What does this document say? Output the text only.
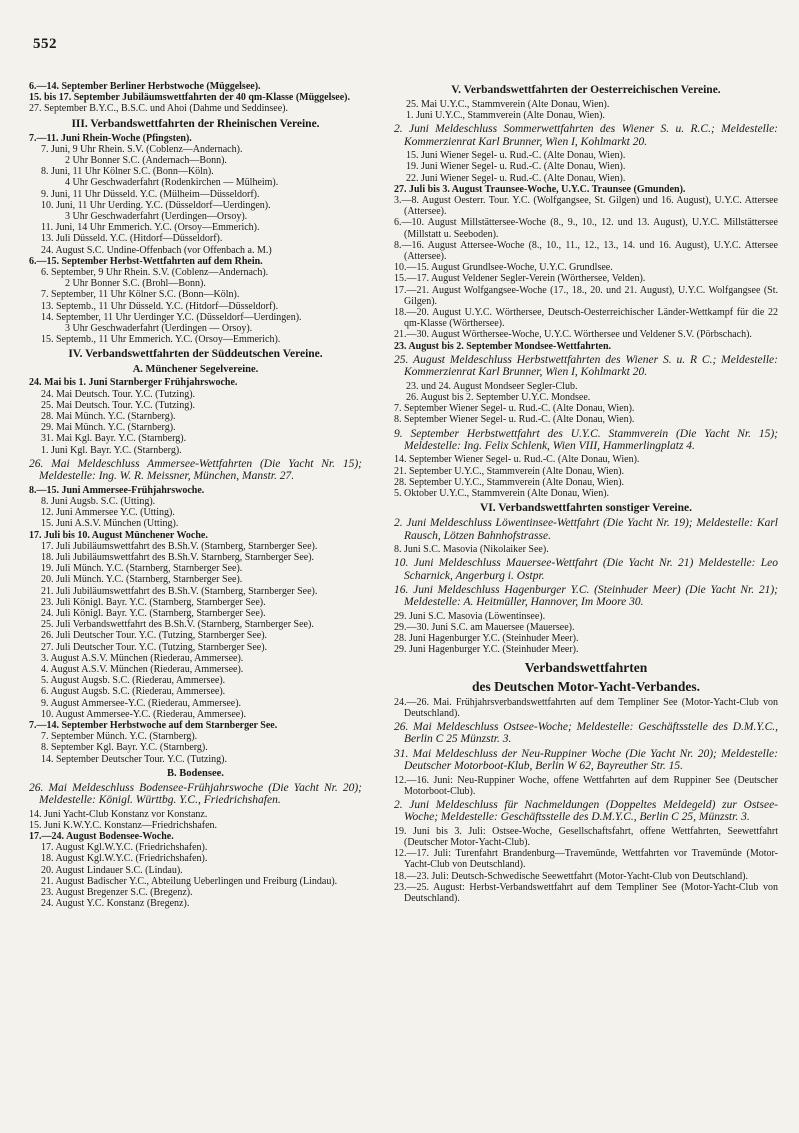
552

6.—14. September Berliner Herbstwoche (Müggelsee).

15. bis 17. September Jubiläumswettfahrten der 40 qm-Klasse (Müggelsee).

27. September B.Y.C., B.S.C. und Ahoi (Dahme und Seddinsee).

III. Verbandswettfahrten der Rheinischen Vereine.

7.—11. Juni Rhein-Woche (Pfingsten).

7. Juni, 9 Uhr Rhein. S.V. (Coblenz—Andernach).

2 Uhr Bonner S.C. (Andernach—Bonn).

8. Juni, 11 Uhr Kölner S.C. (Bonn—Köln).

4 Uhr Geschwaderfahrt (Rodenkirchen — Mülheim).

9. Juni, 11 Uhr Düsseld. Y.C. (Mülheim—Düsseldorf).

10. Juni, 11 Uhr Uerding. Y.C. (Düsseldorf—Uerdingen).

3 Uhr Geschwaderfahrt (Uerdingen—Orsoy).

11. Juni, 14 Uhr Emmerich. Y.C. (Orsoy—Emmerich).

13. Juli Düsseld. Y.C. (Hitdorf—Düsseldorf).

24. August S.C. Undine-Offenbach (vor Offenbach a. M.)

6.—15. September Herbst-Wettfahrten auf dem Rhein.

6. September, 9 Uhr Rhein. S.V. (Coblenz—Andernach).

2 Uhr Bonner S.C. (Brohl—Bonn).

7. September, 11 Uhr Kölner S.C. (Bonn—Köln).

13. Septemb., 11 Uhr Düsseld. Y.C. (Hitdorf—Düsseldorf).

14. September, 11 Uhr Uerdinger Y.C. (Düsseldorf—Uerdingen).

3 Uhr Geschwaderfahrt (Uerdingen — Orsoy).

15. Septemb., 11 Uhr Emmerich. Y.C. (Orsoy—Emmerich).

IV. Verbandswettfahrten der Süddeutschen Vereine.

A. Münchener Segelvereine.

24. Mai bis 1. Juni Starnberger Frühjahrswoche.

24. Mai Deutsch. Tour. Y.C. (Tutzing).

25. Mai Deutsch. Tour. Y.C. (Tutzing).

28. Mai Münch. Y.C. (Starnberg).

29. Mai Münch. Y.C. (Starnberg).

31. Mai Kgl. Bayr. Y.C. (Starnberg).

1. Juni Kgl. Bayr. Y.C. (Starnberg).

26. Mai Meldeschluss Ammersee-Wettfahrten (Die Yacht Nr. 15); Meldestelle: Ing. W. R. Meissner, München, Manstr. 27.

8.—15. Juni Ammersee-Frühjahrswoche.

8. Juni Augsb. S.C. (Utting).

12. Juni Ammersee Y.C. (Utting).

15. Juni A.S.V. München (Utting).

17. Juli bis 10. August Münchener Woche.

17. Juli Jubiläumswettfahrt des B.Sh.V. (Starnberg, Starnberger See).

18. Juli Jubiläumswettfahrt des B.Sh.V. Starnberg, Starnberger See).

19. Juli Münch. Y.C. (Starnberg, Starnberger See).

20. Juli Münch. Y.C. (Starnberg, Starnberger See).

21. Juli Jubiläumswettfahrt des B.Sh.V. (Starnberg, Starnberger See).

23. Juli Königl. Bayr. Y.C. (Starnberg, Starnberger See).

24. Juli Königl. Bayr. Y.C. (Starnberg, Starnberger See).

25. Juli Verbandswettfahrt des B.Sh.V. (Starnberg, Starnberger See).

26. Juli Deutscher Tour. Y.C. (Tutzing, Starnberger See).

27. Juli Deutscher Tour. Y.C. (Tutzing, Starnberger See).

3. August A.S.V. München (Riederau, Ammersee).

4. August A.S.V. München (Riederau, Ammersee).

5. August Augsb. S.C. (Riederau, Ammersee).

6. August Augsb. S.C. (Riederau, Ammersee).

9. August Ammersee-Y.C. (Riederau, Ammersee).

10. August Ammersee-Y.C. (Riederau, Ammersee).

7.—14. September Herbstwoche auf dem Starnberger See.

7. September Münch. Y.C. (Starnberg).

8. September Kgl. Bayr. Y.C. (Starnberg).

14. September Deutscher Tour. Y.C. (Tutzing).

B. Bodensee.

26. Mai Meldeschluss Bodensee-Frühjahrswoche (Die Yacht Nr. 20); Meldestelle: Königl. Württbg. Y.C., Friedrichshafen.

14. Juni Yacht-Club Konstanz vor Konstanz.

15. Juni K.W.Y.C. Konstanz—Friedrichshafen.

17.—24. August Bodensee-Woche.

17. August Kgl.W.Y.C. (Friedrichshafen).

18. August Kgl.W.Y.C. (Friedrichshafen).

20. August Lindauer S.C. (Lindau).

21. August Badischer Y.C., Abteilung Ueberlingen und Freiburg (Lindau).

23. August Bregenzer S.C. (Bregenz).

24. August Y.C. Konstanz (Bregenz).

V. Verbandswettfahrten der Oesterreichischen Vereine.

25. Mai U.Y.C., Stammverein (Alte Donau, Wien).

1. Juni U.Y.C., Stammverein (Alte Donau, Wien).

2. Juni Meldeschluss Sommerwettfahrten des Wiener S. u. R.C.; Meldestelle: Kommerzienrat Karl Brunner, Wien I, Kohlmarkt 20.

15. Juni Wiener Segel- u. Rud.-C. (Alte Donau, Wien).

19. Juni Wiener Segel- u. Rud.-C. (Alte Donau, Wien).

22. Juni Wiener Segel- u. Rud.-C. (Alte Donau, Wien).

27. Juli bis 3. August Traunsee-Woche, U.Y.C. Traunsee (Gmunden).

3.—8. August Oesterr. Tour. Y.C. (Wolfgangsee, St. Gilgen) und 16. August), U.Y.C. Attersee (Attersee).

6.—10. August Millstättersee-Woche (8., 9., 10., 12. und 13. August), U.Y.C. Millstättersee (Millstatt u. Seeboden).

8.—16. August Attersee-Woche (8., 10., 11., 12., 13., 14. und 16. August), U.Y.C. Attersee (Attersee).

10.—15. August Grundlsee-Woche, U.Y.C. Grundlsee.

15.—17. August Veldener Segler-Verein (Wörthersee, Velden).

17.—21. August Wolfgangsee-Woche (17., 18., 20. und 21. August), U.Y.C. Wolfgangsee (St. Gilgen).

18.—20. August U.Y.C. Wörthersee, Deutsch-Oesterreichischer Länder-Wettkampf für die 22 qm-Klasse (Wörthersee).

21.—30. August Wörthersee-Woche, U.Y.C. Wörthersee und Veldener S.V. (Pörbschach).

23. August bis 2. September Mondsee-Wettfahrten.

25. August Meldeschluss Herbstwettfahrten des Wiener S. u. R C.; Meldestelle: Kommerzienrat Karl Brunner, Wien I, Kohlmarkt 20.

23. und 24. August Mondseer Segler-Club.

26. August bis 2. September U.Y.C. Mondsee.

7. September Wiener Segel- u. Rud.-C. (Alte Donau, Wien).

8. September Wiener Segel- u. Rud.-C. (Alte Donau, Wien).

9. September Herbstwettfahrt des U.Y.C. Stammverein (Die Yacht Nr. 15); Meldestelle: Ing. Felix Schlenk, Wien VIII, Hammerlingplatz 4.

14. September Wiener Segel- u. Rud.-C. (Alte Donau, Wien).

21. September U.Y.C., Stammverein (Alte Donau, Wien).

28. September U.Y.C., Stammverein (Alte Donau, Wien).

5. Oktober U.Y.C., Stammverein (Alte Donau, Wien).

VI. Verbandswettfahrten sonstiger Vereine.

2. Juni Meldeschluss Löwentinsee-Wettfahrt (Die Yacht Nr. 19); Meldestelle: Karl Rausch, Lötzen Bahnhofstrasse.

8. Juni S.C. Masovia (Nikolaiker See).

10. Juni Meldeschluss Mauersee-Wettfahrt (Die Yacht Nr. 21) Meldestelle: Leo Scharnick, Angerburg i. Ostpr.

16. Juni Meldeschluss Hagenburger Y.C. (Steinhuder Meer) (Die Yacht Nr. 21); Meldestelle: A. Heitmüller, Hannover, Im Moore 30.

29. Juni S.C. Masovia (Löwentinsee).

29.—30. Juni S.C. am Mauersee (Mauersee).

28. Juni Hagenburger Y.C. (Steinhuder Meer).

29. Juni Hagenburger Y.C. (Steinhuder Meer).

Verbandswettfahrten

des Deutschen Motor-Yacht-Verbandes.

24.—26. Mai. Frühjahrsverbandswettfahrten auf dem Templiner See (Motor-Yacht-Club von Deutschland).

26. Mai Meldeschluss Ostsee-Woche; Meldestelle: Geschäftsstelle des D.M.Y.C., Berlin C 25 Münzstr. 3.

31. Mai Meldeschluss der Neu-Ruppiner Woche (Die Yacht Nr. 20); Meldestelle: Deutscher Motorboot-Klub, Berlin W 62, Bayreuther Str. 15.

12.—16. Juni: Neu-Ruppiner Woche, offene Wettfahrten auf dem Ruppiner See (Deutscher Motorboot-Club).

2. Juni Meldeschluss für Nachmeldungen (Doppeltes Meldegeld) zur Ostsee-Woche; Meldestelle: Geschäftsstelle des D.M.Y.C., Berlin C 25, Münzstr. 3.

19. Juni bis 3. Juli: Ostsee-Woche, Gesellschaftsfahrt, offene Wettfahrten, Seewettfahrt (Deutscher Motor-Yacht-Club).

12.—17. Juli: Turenfahrt Brandenburg—Travemünde, Wettfahrten vor Travemünde (Motor-Yacht-Club von Deutschland).

18.—23. Juli: Deutsch-Schwedische Seewettfahrt (Motor-Yacht-Club von Deutschland).

23.—25. August: Herbst-Verbandswettfahrt auf dem Templiner See (Motor-Yacht-Club von Deutschland).
